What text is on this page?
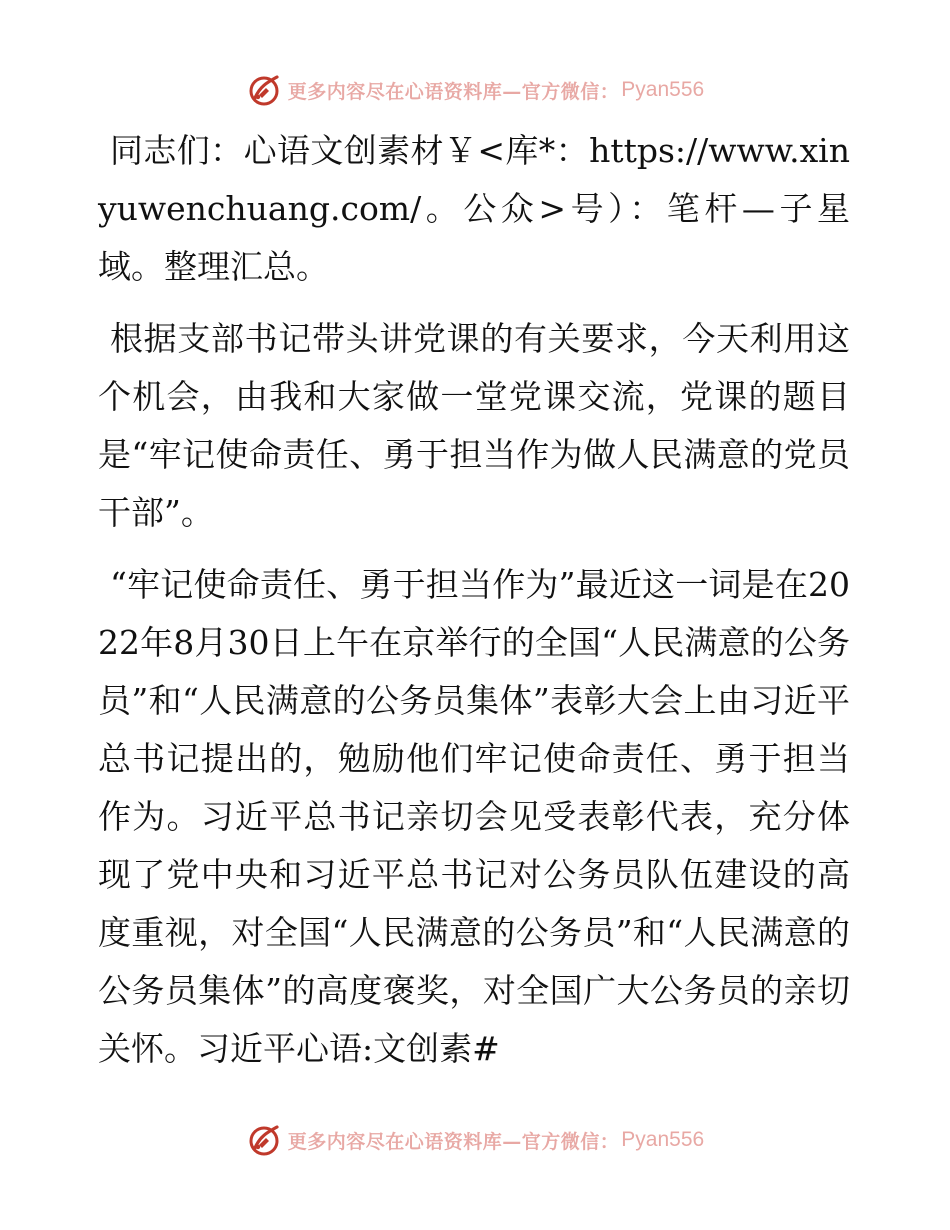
更多内容尽在心语资料库—官方微信： Pyan556

同志们：心语文创素材￥<库*：https://www.xinyuwenchuang.com/。公众>号）：笔杆—子星域。整理汇总。

根据支部书记带头讲党课的有关要求，今天利用这个机会，由我和大家做一堂党课交流，党课的题目是“牢记使命责任、勇于担当作为做人民满意的党员干部”。

“牢记使命责任、勇于担当作为”最近这一词是在2022年8月30日上午在京举行的全国“人民满意的公务员”和“人民满意的公务员集体”表彰大会上由习近平总书记提出的，勉励他们牢记使命责任、勇于担当作为。习近平总书记亲切会见受表彰代表，充分体现了党中央和习近平总书记对公务员队伍建设的高度重视，对全国“人民满意的公务员”和“人民满意的公务员集体”的高度褒奖，对全国广大公务员的亲切关怀。习近平心语:文创素#

更多内容尽在心语资料库—官方微信： Pyan556
